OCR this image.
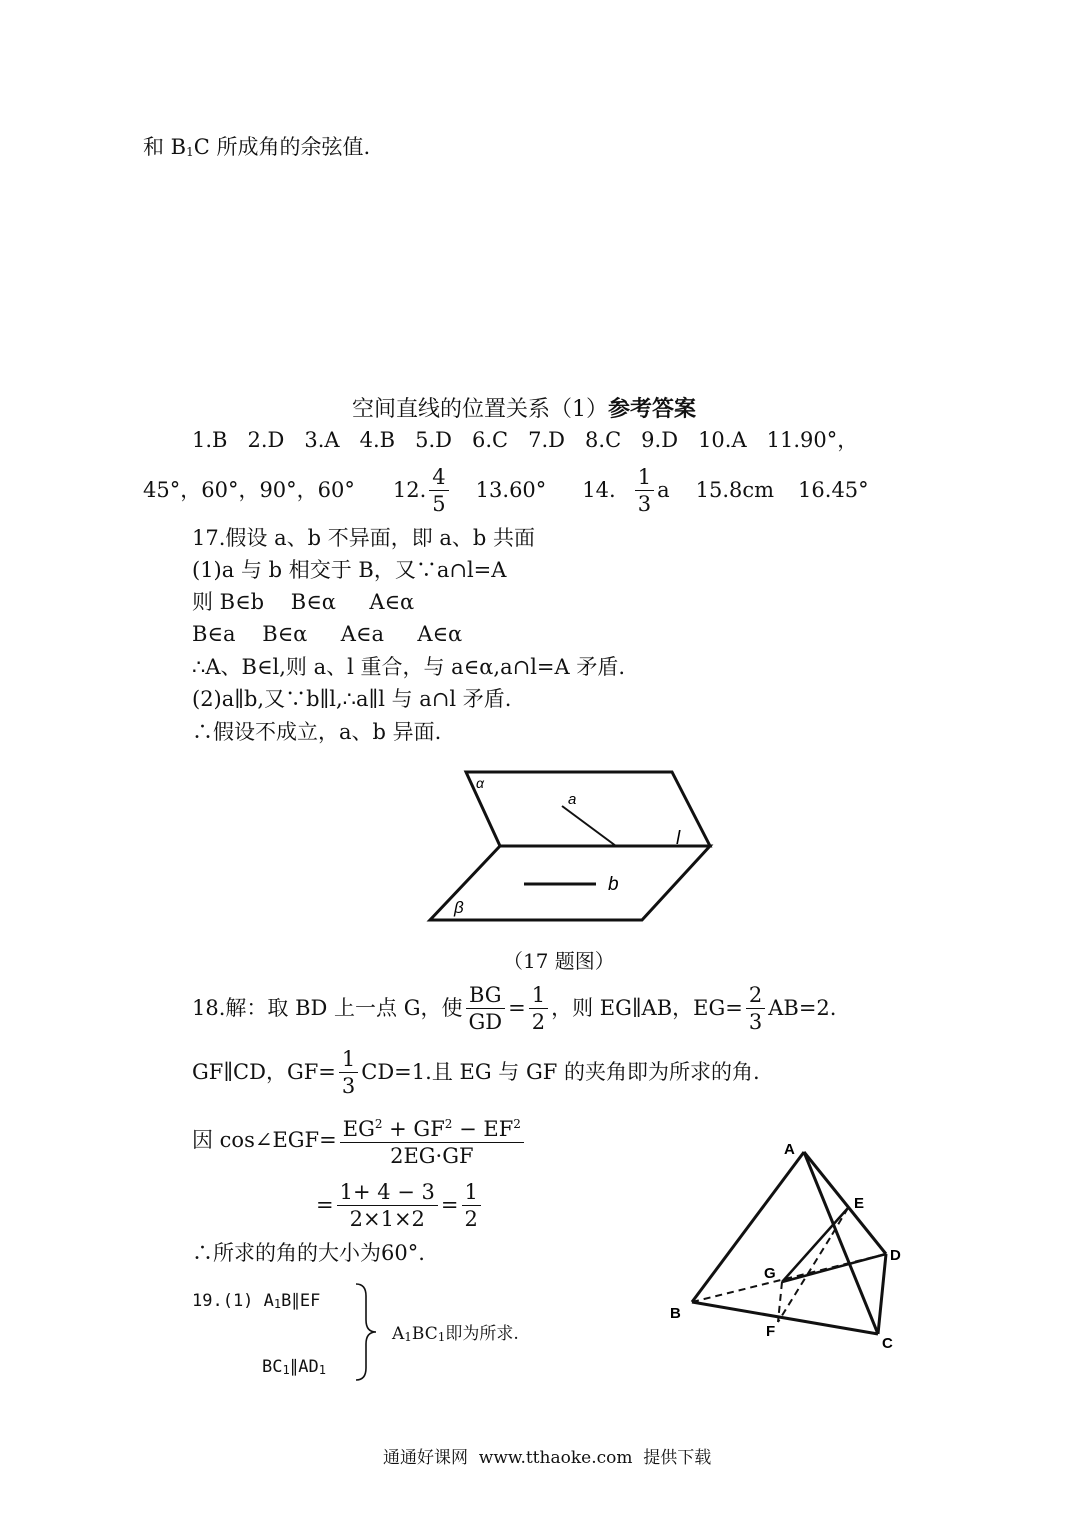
和 B1C 所成角的余弦值.
空间直线的位置关系（1）参考答案
1.B   2.D   3.A   4.B   5.D   6.C   7.D   8.C   9.D   10.A   11.90°，
45°，60°，90°，60° 12. $\frac{4}{5} 13.60^\circ$ 14. $\frac{1}{3}$ a 15.8cm 16.45°
17.假设 a、b 不异面，即 a、b 共面
(1)a 与 b 相交于 B，又∵a∩l=A
则 B∈b    B∈α     A∈α
B∈a    B∈α     A∈a     A∈α
∴A、B∈l,则 a、l 重合，与 a∈α,a∩l=A 矛盾.
(2)a∥b,又∵b∥l,∴a∥l 与 a∩l 矛盾.
∴假设不成立，a、b 异面.
α
β
a
b
l
（17 题图）
18.解：取 BD 上一点 G，使 $\frac{BG}{GD} = \frac{1}{2}$ ，则 EG∥AB，$EG= \frac{2}{3} AB=2$.
GF∥CD，$GF= \frac{1}{3} CD=1$.且 EG 与 GF 的夹角即为所求的角.
因 cos∠EGF= $\frac{EG^2 + GF^2 - EF^2}{2EG\cdot GF}$
= $\frac{1+ 4 - 3}{2\times 1\times 2} = \frac{1}{2}$
∴所求的角的大小为60°.
A
B
C
D
E
F
G
19.(1) A1B∥EF
BC1∥AD1
A1BC1即为所求.
通通好课网  www.tthaoke.com  提供下载
